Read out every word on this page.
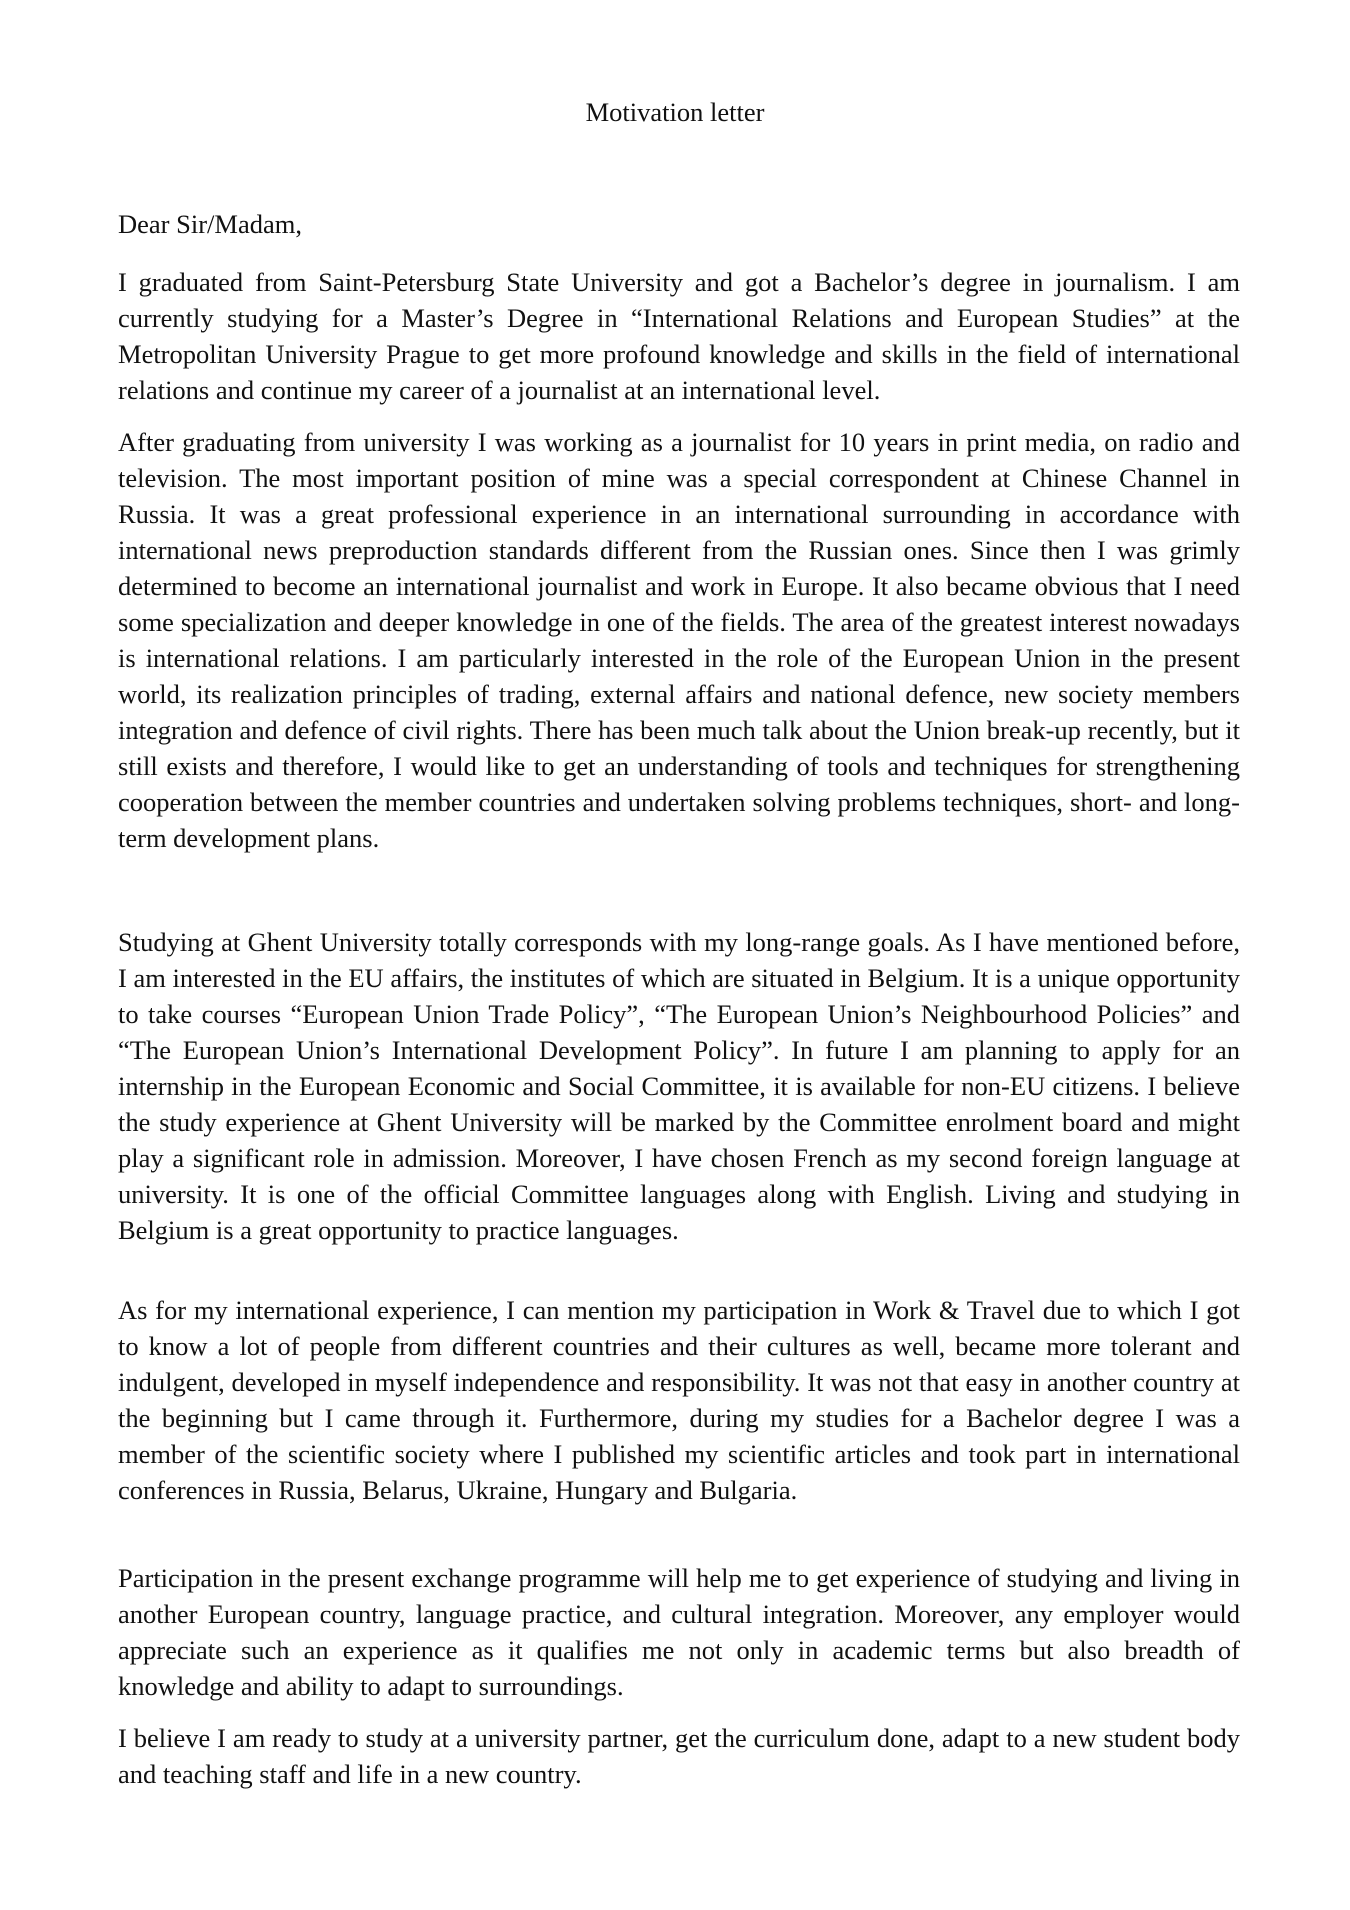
Motivation letter

Dear Sir/Madam,

I graduated from Saint-Petersburg State University and got a Bachelor’s degree in journalism. I am currently studying for a Master’s Degree in “International Relations and European Studies” at the Metropolitan University Prague to get more profound knowledge and skills in the field of international relations and continue my career of a journalist at an international level.

After graduating from university I was working as a journalist for 10 years in print media, on radio and television. The most important position of mine was a special correspondent at Chinese Channel in Russia. It was a great professional experience in an international surrounding in accordance with international news preproduction standards different from the Russian ones. Since then I was grimly determined to become an international journalist and work in Europe. It also became obvious that I need some specialization and deeper knowledge in one of the fields. The area of the greatest interest nowadays is international relations. I am particularly interested in the role of the European Union in the present world, its realization principles of trading, external affairs and national defence, new society members integration and defence of civil rights. There has been much talk about the Union break-up recently, but it still exists and therefore, I would like to get an understanding of tools and techniques for strengthening cooperation between the member countries and undertaken solving problems techniques, short- and long-term development plans.

Studying at Ghent University totally corresponds with my long-range goals. As I have mentioned before, I am interested in the EU affairs, the institutes of which are situated in Belgium. It is a unique opportunity to take courses “European Union Trade Policy”, “The European Union’s Neighbourhood Policies” and “The European Union’s International Development Policy”. In future I am planning to apply for an internship in the European Economic and Social Committee, it is available for non-EU citizens. I believe the study experience at Ghent University will be marked by the Committee enrolment board and might play a significant role in admission. Moreover, I have chosen French as my second foreign language at university. It is one of the official Committee languages along with English. Living and studying in Belgium is a great opportunity to practice languages.

As for my international experience, I can mention my participation in Work & Travel due to which I got to know a lot of people from different countries and their cultures as well, became more tolerant and indulgent, developed in myself independence and responsibility. It was not that easy in another country at the beginning but I came through it. Furthermore, during my studies for a Bachelor degree I was a member of the scientific society where I published my scientific articles and took part in international conferences in Russia, Belarus, Ukraine, Hungary and Bulgaria.

Participation in the present exchange programme will help me to get experience of studying and living in another European country, language practice, and cultural integration. Moreover, any employer would appreciate such an experience as it qualifies me not only in academic terms but also breadth of knowledge and ability to adapt to surroundings.

I believe I am ready to study at a university partner, get the curriculum done, adapt to a new student body and teaching staff and life in a new country.
